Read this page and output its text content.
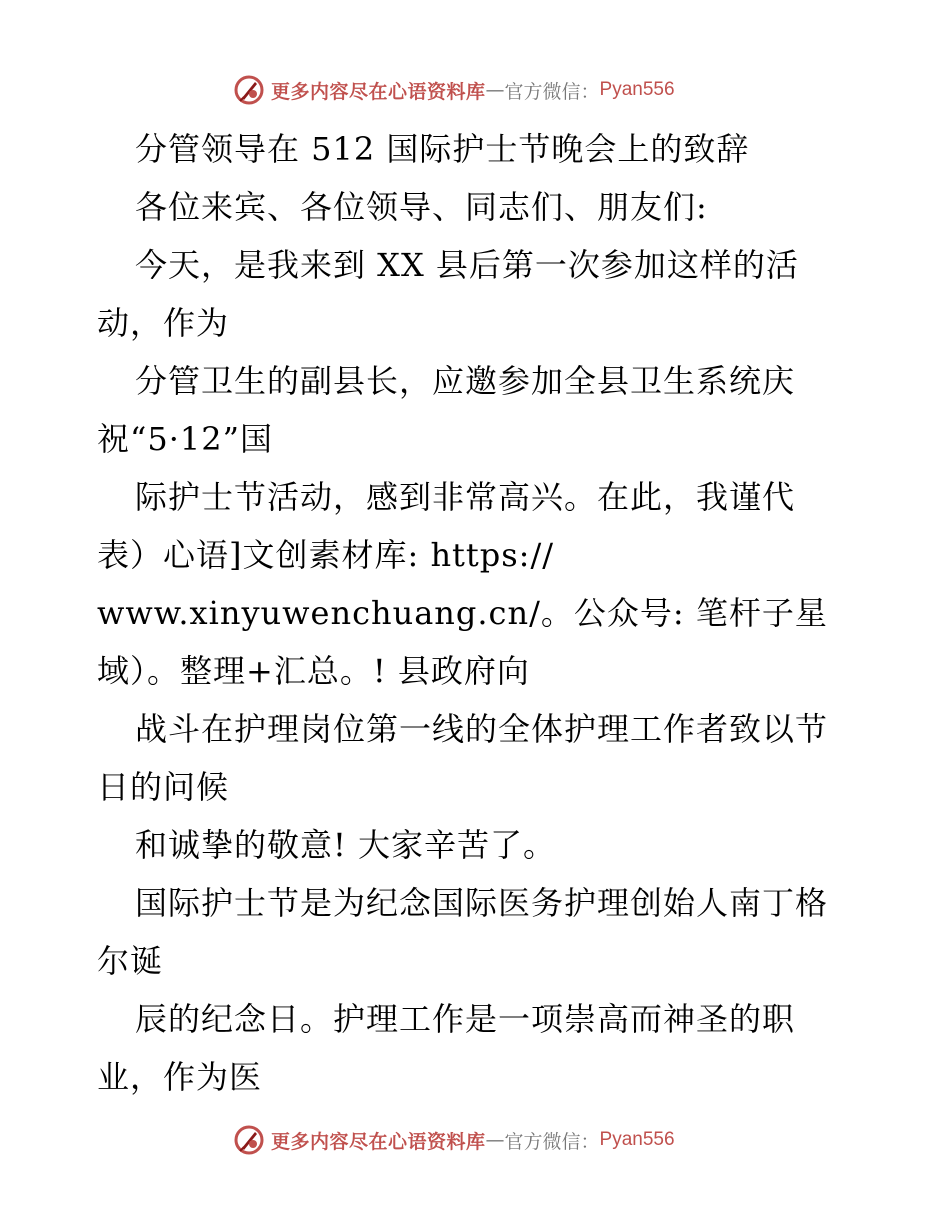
更多内容尽在心语资料库 — 官方微信： Pyan556
分管领导在 512 国际护士节晚会上的致辞
各位来宾、各位领导、同志们、朋友们:
今天，是我来到 XX 县后第一次参加这样的活
动，作为
分管卫生的副县长，应邀参加全县卫生系统庆
祝“5·12”国
际护士节活动，感到非常高兴。在此，我谨代
表）心语]文创素材库: https://
www.xinyuwenchuang.cn/。公众号: 笔杆子星
域）。整理+汇总。! 县政府向
战斗在护理岗位第一线的全体护理工作者致以节
日的问候
和诚挚的敬意! 大家辛苦了。
国际护士节是为纪念国际医务护理创始人南丁格
尔诞
辰的纪念日。护理工作是一项崇高而神圣的职
业，作为医
更多内容尽在心语资料库 — 官方微信： Pyan556
